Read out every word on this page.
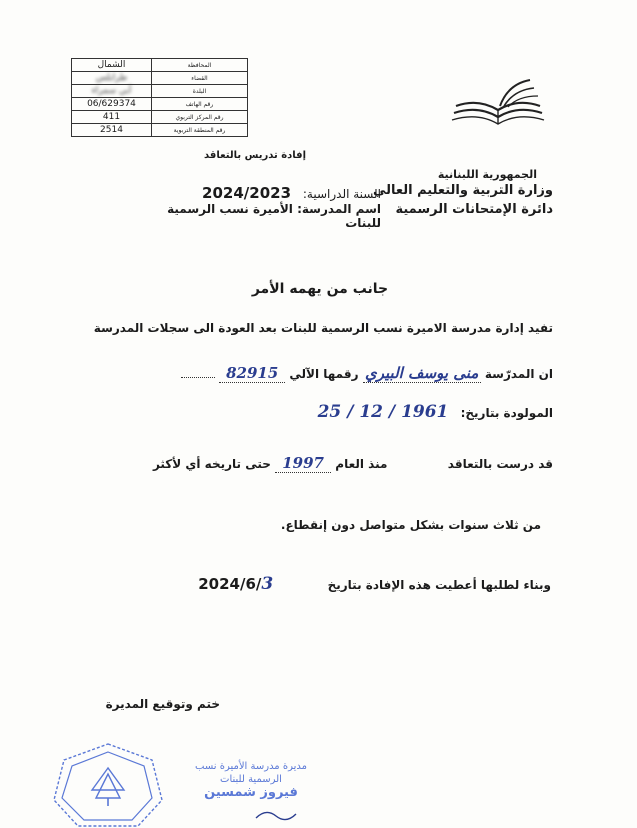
الشمال	المحافظة
طرابلس	القضاء
أبي سمراء	البلدة
06/629374	رقم الهاتف
411	رقم المركز التربوي
2514	رقم المنطقة التربوية
إفادة تدريس بالتعاقد
الجمهورية اللبنانية
وزارة التربية والتعليم العالي
دائرة الإمتحانات الرسمية
السنة الدراسية: 2024/2023
اسم المدرسة: الأميرة نسب الرسمية للبنات
جانب من يهمه الأمر
تفيد إدارة مدرسة الاميرة نسب الرسمية للبنات بعد العودة الى سجلات المدرسة
ان المدرّسة منى يوسف البيري رقمها الآلي 82915
المولودة بتاريخ: 25 / 12 / 1961
قد درست بالتعاقد  منذ العام 1997 حتى تاريخه أي لأكثر
من ثلاث سنوات بشكل متواصل دون إنقطاع.
وبناء لطلبها أعطيت هذه الإفادة بتاريخ  2024/6/3
ختم وتوقيع المديرة
مديرة مدرسة الأميرة نسب
الرسمية للبنات
فيروز شمسين
